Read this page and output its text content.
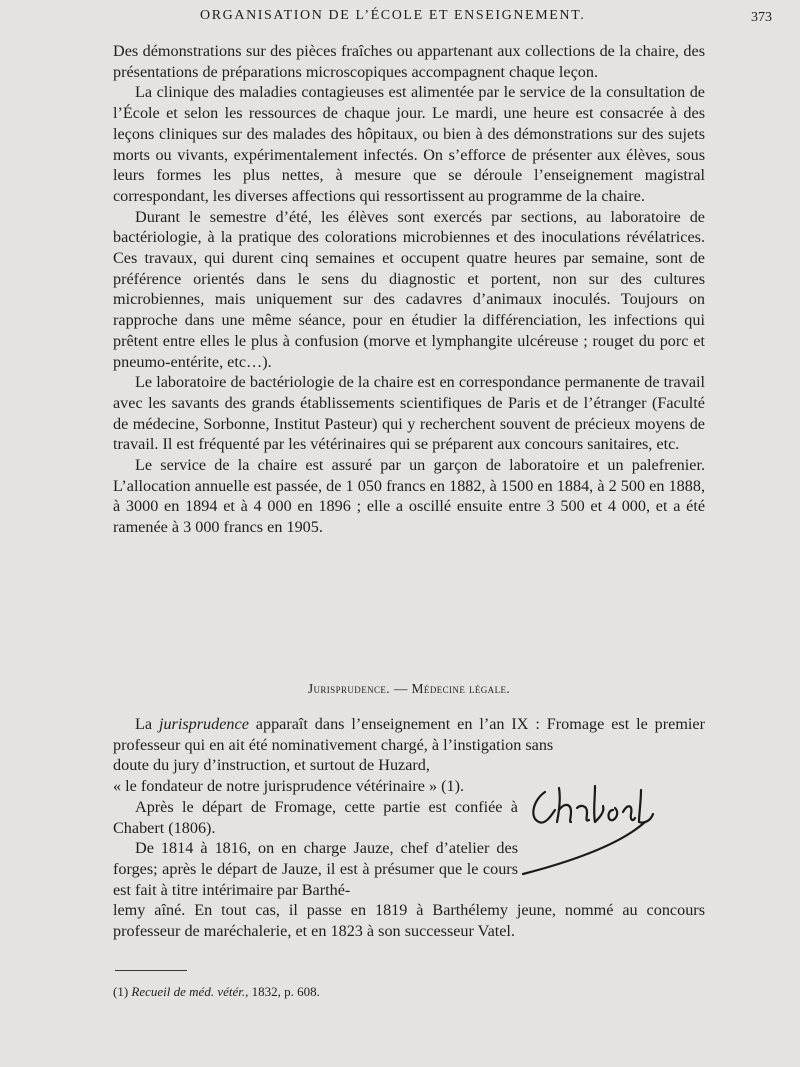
ORGANISATION DE L’ÉCOLE ET ENSEIGNEMENT.	373

Des démonstrations sur des pièces fraîches ou appartenant aux collections de la chaire, des présentations de préparations microscopiques accompagnent chaque leçon.

La clinique des maladies contagieuses est alimentée par le service de la consultation de l’École et selon les ressources de chaque jour. Le mardi, une heure est consacrée à des leçons cliniques sur des malades des hôpitaux, ou bien à des démonstrations sur des sujets morts ou vivants, expérimentalement infectés. On s’efforce de présenter aux élèves, sous leurs formes les plus nettes, à mesure que se déroule l’enseignement magistral correspondant, les diverses affections qui ressortissent au programme de la chaire.

Durant le semestre d’été, les élèves sont exercés par sections, au laboratoire de bactériologie, à la pratique des colorations microbiennes et des inoculations révélatrices. Ces travaux, qui durent cinq semaines et occupent quatre heures par semaine, sont de préférence orientés dans le sens du diagnostic et portent, non sur des cultures microbiennes, mais uniquement sur des cadavres d’animaux inoculés. Toujours on rapproche dans une même séance, pour en étudier la différenciation, les infections qui prêtent entre elles le plus à confusion (morve et lymphangite ulcéreuse ; rouget du porc et pneumo-entérite, etc…).

Le laboratoire de bactériologie de la chaire est en correspondance permanente de travail avec les savants des grands établissements scientifiques de Paris et de l’étranger (Faculté de médecine, Sorbonne, Institut Pasteur) qui y recherchent souvent de précieux moyens de travail. Il est fréquenté par les vétérinaires qui se préparent aux concours sanitaires, etc.

Le service de la chaire est assuré par un garçon de laboratoire et un palefrenier. L’allocation annuelle est passée, de 1 050 francs en 1882, à 1500 en 1884, à 2 500 en 1888, à 3000 en 1894 et à 4 000 en 1896 ; elle a oscillé ensuite entre 3 500 et 4 000, et a été ramenée à 3 000 francs en 1905.

Jurisprudence. — Médecine légale.

La jurisprudence apparaît dans l’enseignement en l’an IX : Fromage est le premier professeur qui en ait été nominativement chargé, à l’instigation sans

doute du jury d’instruction, et surtout de Huzard,

« le fondateur de notre jurisprudence vétérinaire » (1).

Après le départ de Fromage, cette partie est confiée à Chabert (1806).

De 1814 à 1816, on en charge Jauze, chef d’atelier des forges; après le départ de Jauze, il est à présumer que le cours est fait à titre intérimaire par Barthé-

lemy aîné. En tout cas, il passe en 1819 à Barthélemy jeune, nommé au concours professeur de maréchalerie, et en 1823 à son successeur Vatel.

(1) Recueil de méd. vétér., 1832, p. 608.
